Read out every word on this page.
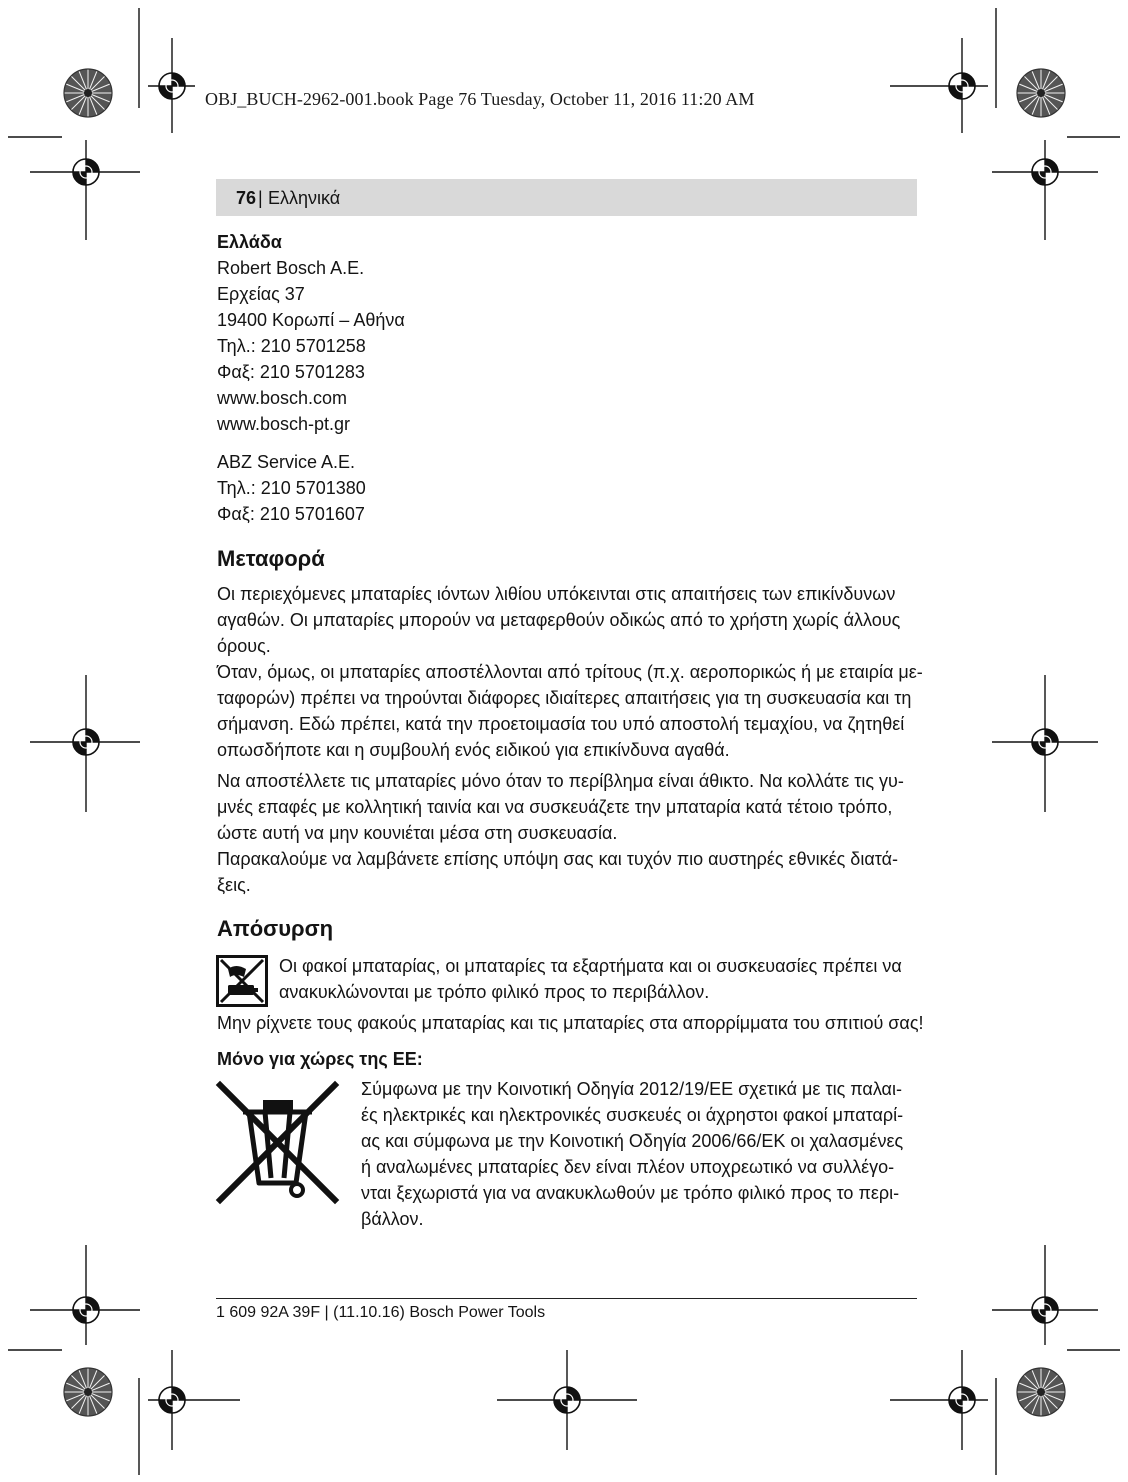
OBJ_BUCH-2962-001.book Page 76 Tuesday, October 11, 2016 11:20 AM
76 | Ελληνικά
Ελλάδα
Robert Bosch A.E.
Ερχείας 37
19400 Κορωπί – Αθήνα
Τηλ.: 210 5701258
Φαξ: 210 5701283
www.bosch.com
www.bosch-pt.gr
ABZ Service A.E.
Τηλ.: 210 5701380
Φαξ: 210 5701607
Μεταφορά
Οι περιεχόμενες μπαταρίες ιόντων λιθίου υπόκεινται στις απαιτήσεις των επικίνδυνων
αγαθών. Οι μπαταρίες μπορούν να μεταφερθούν οδικώς από το χρήστη χωρίς άλλους
όρους.
Όταν, όμως, οι μπαταρίες αποστέλλονται από τρίτους (π.χ. αεροπορικώς ή με εταιρία με-
ταφορών) πρέπει να τηρούνται διάφορες ιδιαίτερες απαιτήσεις για τη συσκευασία και τη
σήμανση. Εδώ πρέπει, κατά την προετοιμασία του υπό αποστολή τεμαχίου, να ζητηθεί
οπωσδήποτε και η συμβουλή ενός ειδικού για επικίνδυνα αγαθά.
Να αποστέλλετε τις μπαταρίες μόνο όταν το περίβλημα είναι άθικτο. Να κολλάτε τις γυ-
μνές επαφές με κολλητική ταινία και να συσκευάζετε την μπαταρία κατά τέτοιο τρόπο,
ώστε αυτή να μην κουνιέται μέσα στη συσκευασία.
Παρακαλούμε να λαμβάνετε επίσης υπόψη σας και τυχόν πιο αυστηρές εθνικές διατά-
ξεις.
Απόσυρση
Οι φακοί μπαταρίας, οι μπαταρίες τα εξαρτήματα και οι συσκευασίες πρέπει να
ανακυκλώνονται με τρόπο φιλικό προς το περιβάλλον.
Μην ρίχνετε τους φακούς μπαταρίας και τις μπαταρίες στα απορρίμματα του σπιτιού σας!
Μόνο για χώρες της ΕΕ:
Σύμφωνα με την Κοινοτική Οδηγία 2012/19/ΕΕ σχετικά με τις παλαι-
ές ηλεκτρικές και ηλεκτρονικές συσκευές οι άχρηστοι φακοί μπαταρί-
ας και σύμφωνα με την Κοινοτική Οδηγία 2006/66/ΕΚ οι χαλασμένες
ή αναλωμένες μπαταρίες δεν είναι πλέον υποχρεωτικό να συλλέγο-
νται ξεχωριστά για να ανακυκλωθούν με τρόπο φιλικό προς το περι-
βάλλον.
1 609 92A 39F | (11.10.16) Bosch Power Tools
